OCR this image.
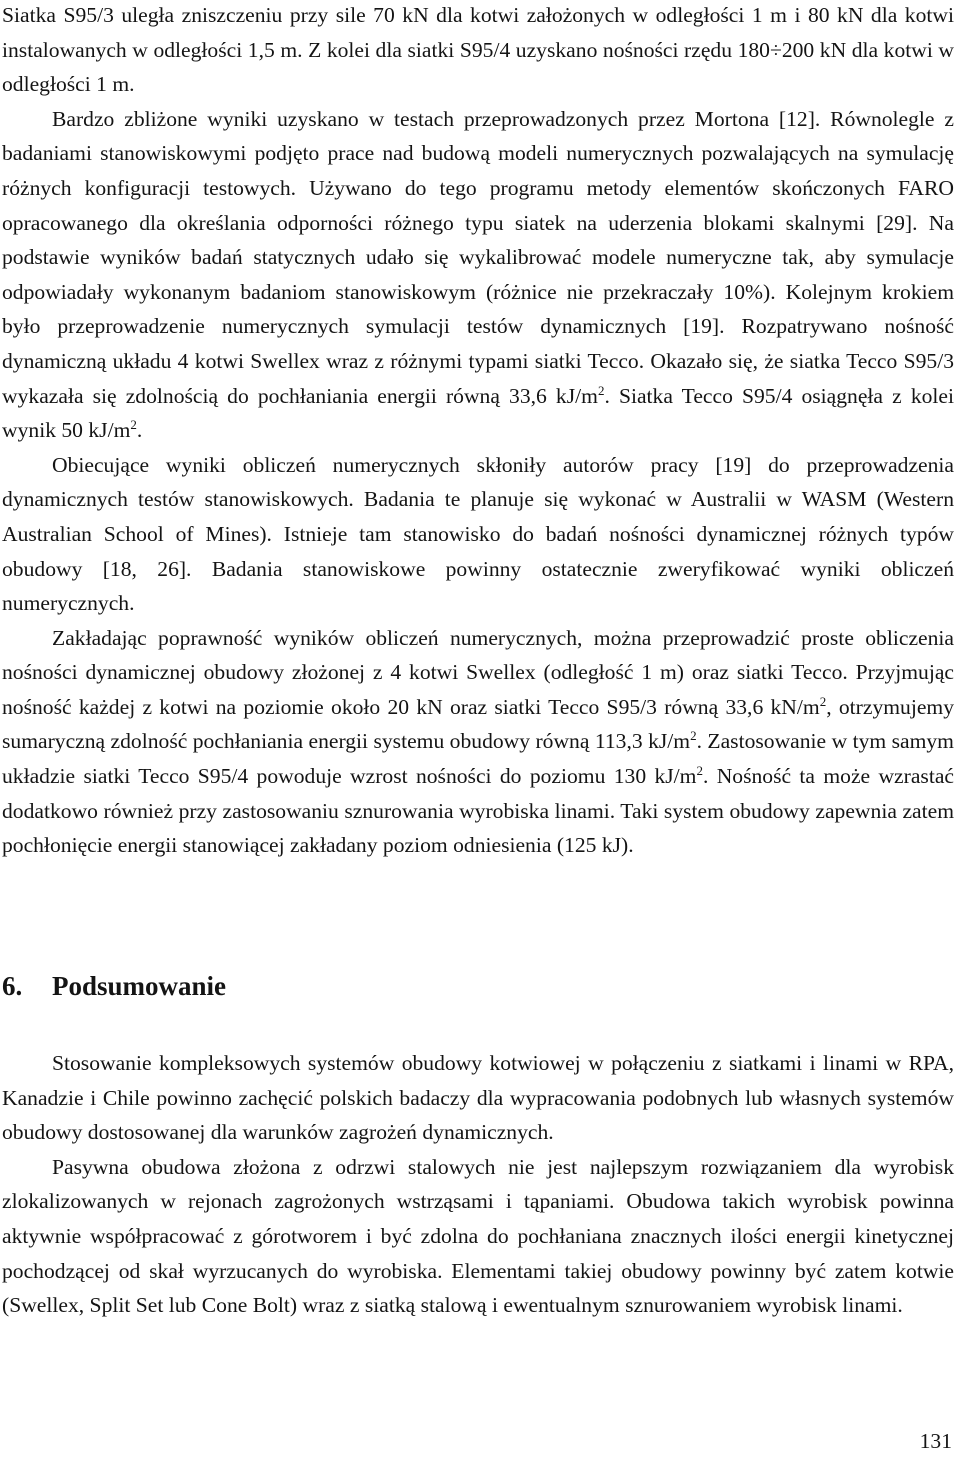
Siatka S95/3 uległa zniszczeniu przy sile 70 kN dla kotwi założonych w odległości 1 m i 80 kN dla kotwi instalowanych w odległości 1,5 m. Z kolei dla siatki S95/4 uzyskano nośności rzędu 180÷200 kN dla kotwi w odległości 1 m.

Bardzo zbliżone wyniki uzyskano w testach przeprowadzonych przez Mortona [12]. Równolegle z badaniami stanowiskowymi podjęto prace nad budową modeli numerycznych pozwalających na symulację różnych konfiguracji testowych. Używano do tego programu metody elementów skończonych FARO opracowanego dla określania odporności różnego typu siatek na uderzenia blokami skalnymi [29]. Na podstawie wyników badań statycznych udało się wykalibrować modele numeryczne tak, aby symulacje odpowiadały wykonanym badaniom stanowiskowym (różnice nie przekraczały 10%). Kolejnym krokiem było przeprowadzenie numerycznych symulacji testów dynamicznych [19]. Rozpatrywano nośność dynamiczną układu 4 kotwi Swellex wraz z różnymi typami siatki Tecco. Okazało się, że siatka Tecco S95/3 wykazała się zdolnością do pochłaniania energii równą 33,6 $kJ/m^2$. Siatka Tecco S95/4 osiągnęła z kolei wynik 50 $kJ/m^2$.

Obiecujące wyniki obliczeń numerycznych skłoniły autorów pracy [19] do przeprowadzenia dynamicznych testów stanowiskowych. Badania te planuje się wykonać w Australii w WASM (Western Australian School of Mines). Istnieje tam stanowisko do badań nośności dynamicznej różnych typów obudowy [18, 26]. Badania stanowiskowe powinny ostatecznie zweryfikować wyniki obliczeń numerycznych.

Zakładając poprawność wyników obliczeń numerycznych, można przeprowadzić proste obliczenia nośności dynamicznej obudowy złożonej z 4 kotwi Swellex (odległość 1 m) oraz siatki Tecco. Przyjmując nośność każdej z kotwi na poziomie około 20 kN oraz siatki Tecco S95/3 równą 33,6 $kN/m^2$, otrzymujemy sumaryczną zdolność pochłaniania energii systemu obudowy równą 113,3 $kJ/m^2$. Zastosowanie w tym samym układzie siatki Tecco S95/4 powoduje wzrost nośności do poziomu 130 $kJ/m^2$. Nośność ta może wzrastać dodatkowo również przy zastosowaniu sznurowania wyrobiska linami. Taki system obudowy zapewnia zatem pochłonięcie energii stanowiącej zakładany poziom odniesienia (125 kJ).

6. Podsumowanie

Stosowanie kompleksowych systemów obudowy kotwiowej w połączeniu z siatkami i linami w RPA, Kanadzie i Chile powinno zachęcić polskich badaczy dla wypracowania podobnych lub własnych systemów obudowy dostosowanej dla warunków zagrożeń dynamicznych.

Pasywna obudowa złożona z odrzwi stalowych nie jest najlepszym rozwiązaniem dla wyrobisk zlokalizowanych w rejonach zagrożonych wstrząsami i tąpaniami. Obudowa takich wyrobisk powinna aktywnie współpracować z górotworem i być zdolna do pochłaniana znacznych ilości energii kinetycznej pochodzącej od skał wyrzucanych do wyrobiska. Elementami takiej obudowy powinny być zatem kotwie (Swellex, Split Set lub Cone Bolt) wraz z siatką stalową i ewentualnym sznurowaniem wyrobisk linami.

131
